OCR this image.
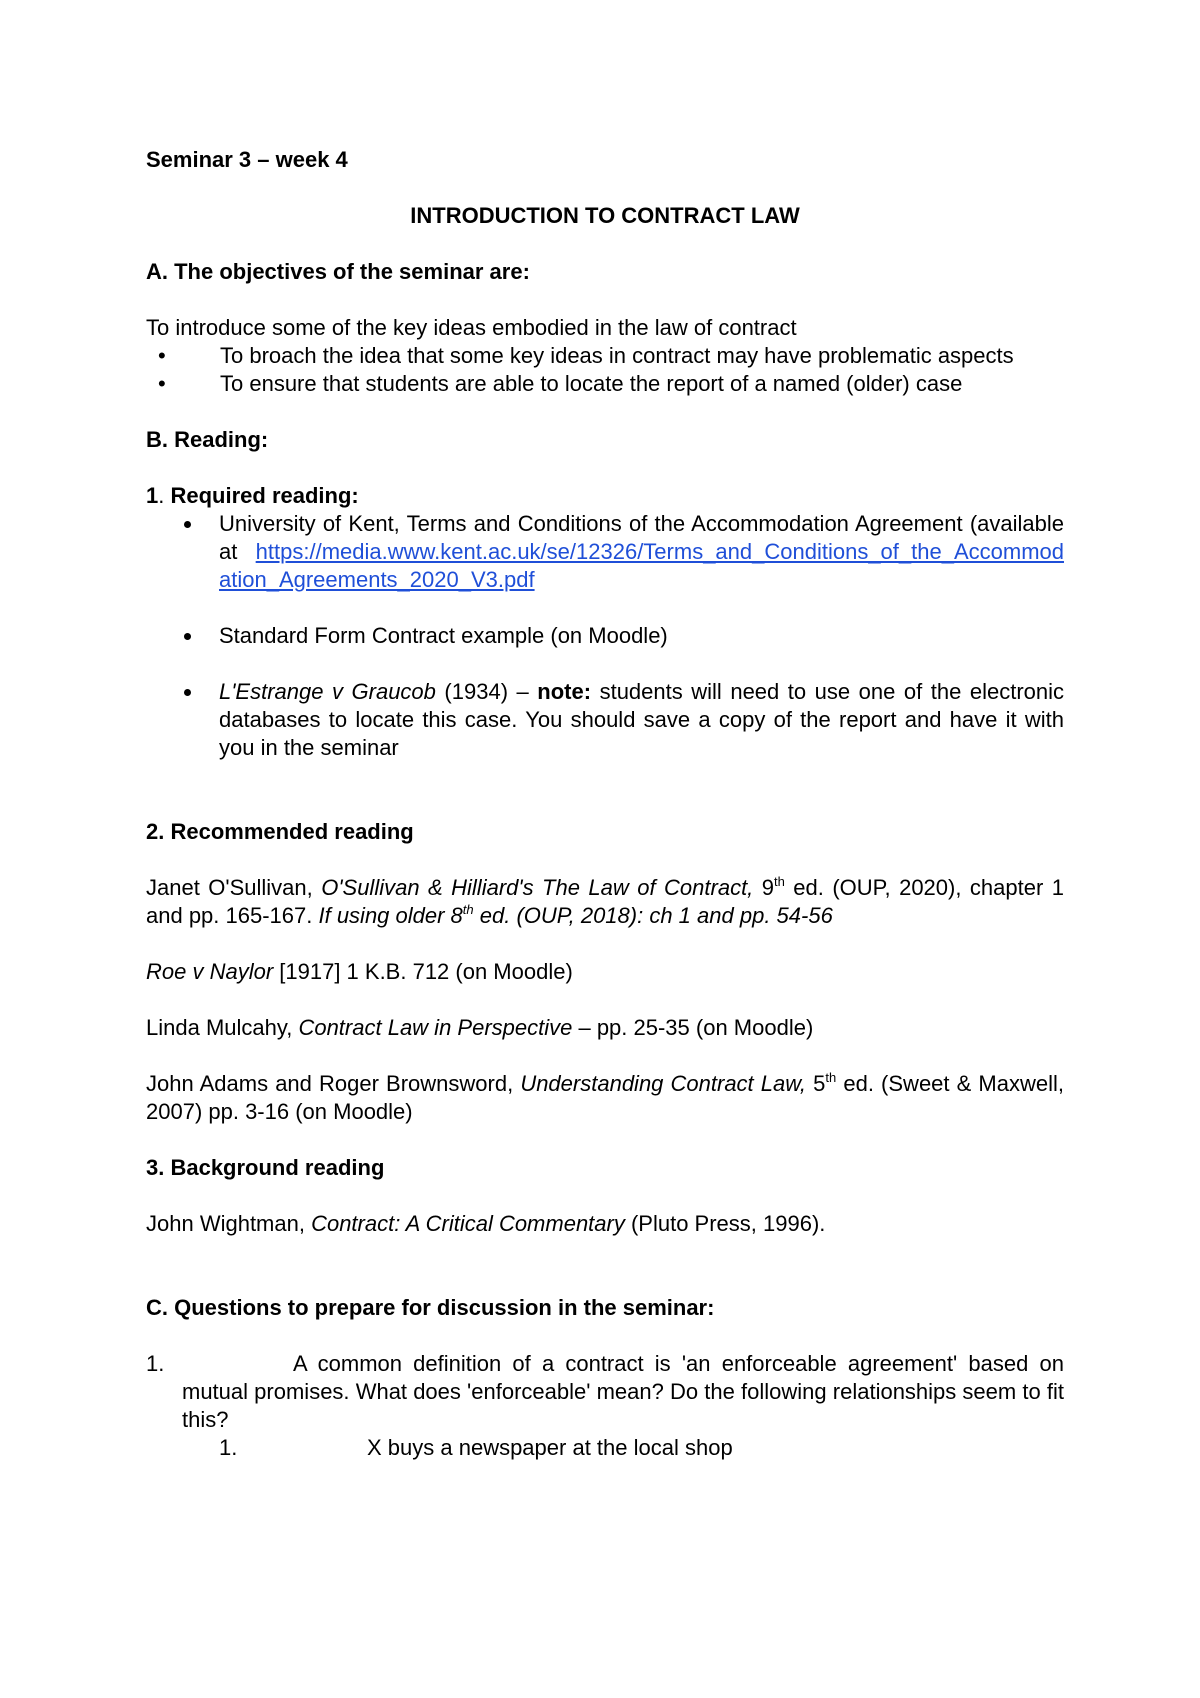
Seminar 3 – week 4

INTRODUCTION TO CONTRACT LAW

A. The objectives of the seminar are:

To introduce some of the key ideas embodied in the law of contract

•	To broach the idea that some key ideas in contract may have problematic aspects
•	To ensure that students are able to locate the report of a named (older) case

B. Reading:

1. Required reading:

University of Kent, Terms and Conditions of the Accommodation Agreement (available at https://media.www.kent.ac.uk/se/12326/Terms_and_Conditions_of_the_Accommodation_Agreements_2020_V3.pdf
Standard Form Contract example (on Moodle)
L'Estrange v Graucob (1934) – note: students will need to use one of the electronic databases to locate this case. You should save a copy of the report and have it with you in the seminar

2. Recommended reading

Janet O'Sullivan, O'Sullivan & Hilliard's The Law of Contract, 9th ed. (OUP, 2020), chapter 1 and pp. 165-167. If using older 8th ed. (OUP, 2018): ch 1 and pp. 54-56

Roe v Naylor [1917] 1 K.B. 712 (on Moodle)

Linda Mulcahy, Contract Law in Perspective – pp. 25-35 (on Moodle)

John Adams and Roger Brownsword, Understanding Contract Law, 5th ed. (Sweet & Maxwell, 2007) pp. 3-16 (on Moodle)

3. Background reading

John Wightman, Contract: A Critical Commentary (Pluto Press, 1996).

C. Questions to prepare for discussion in the seminar:

1.	A common definition of a contract is 'an enforceable agreement' based on mutual promises. What does 'enforceable' mean? Do the following relationships seem to fit this?
1.	X buys a newspaper at the local shop
